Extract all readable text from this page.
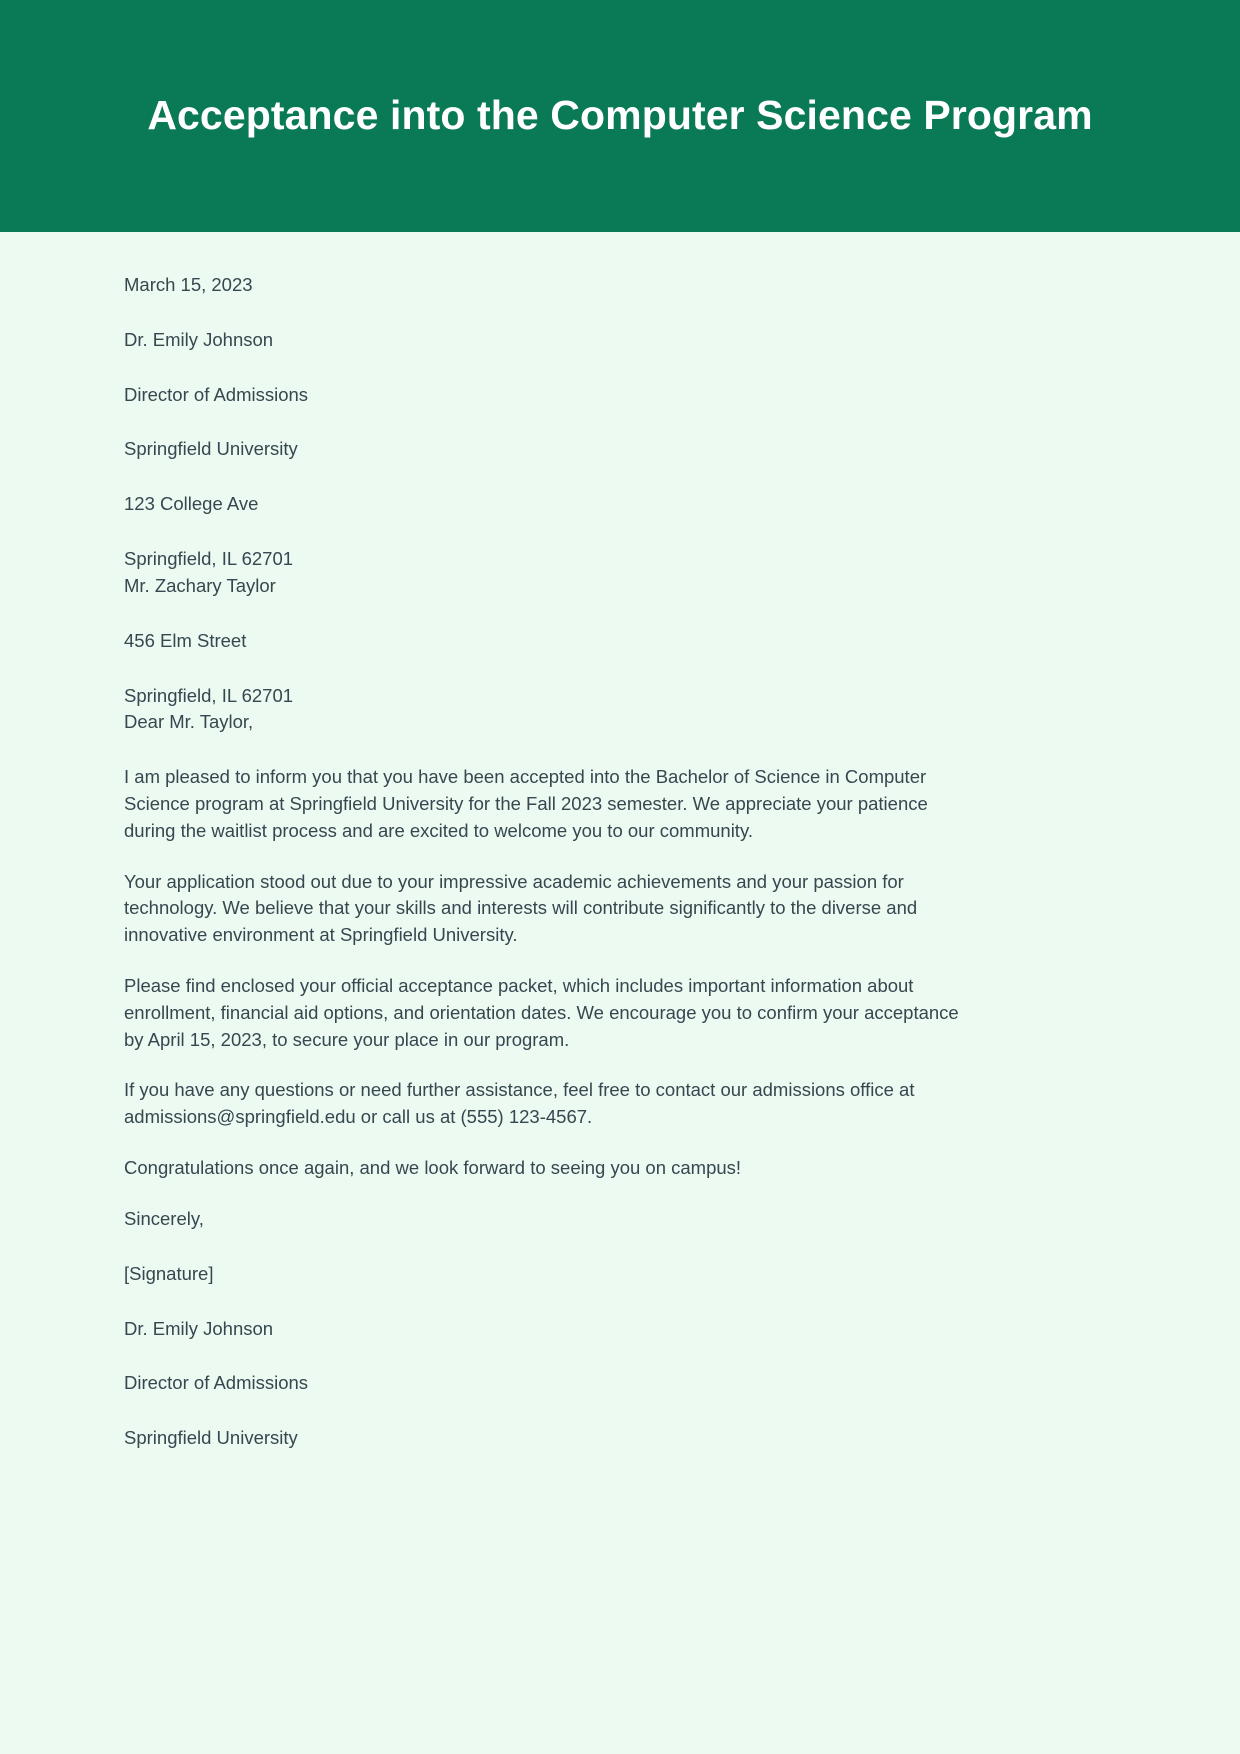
Acceptance into the Computer Science Program

March 15, 2023

Dr. Emily Johnson

Director of Admissions

Springfield University

123 College Ave

Springfield, IL 62701

Mr. Zachary Taylor

456 Elm Street

Springfield, IL 62701

Dear Mr. Taylor,

I am pleased to inform you that you have been accepted into the Bachelor of Science in Computer Science program at Springfield University for the Fall 2023 semester. We appreciate your patience during the waitlist process and are excited to welcome you to our community.

Your application stood out due to your impressive academic achievements and your passion for technology. We believe that your skills and interests will contribute significantly to the diverse and innovative environment at Springfield University.

Please find enclosed your official acceptance packet, which includes important information about enrollment, financial aid options, and orientation dates. We encourage you to confirm your acceptance by April 15, 2023, to secure your place in our program.

If you have any questions or need further assistance, feel free to contact our admissions office at admissions@springfield.edu or call us at (555) 123-4567.

Congratulations once again, and we look forward to seeing you on campus!

Sincerely,

[Signature]

Dr. Emily Johnson

Director of Admissions

Springfield University
